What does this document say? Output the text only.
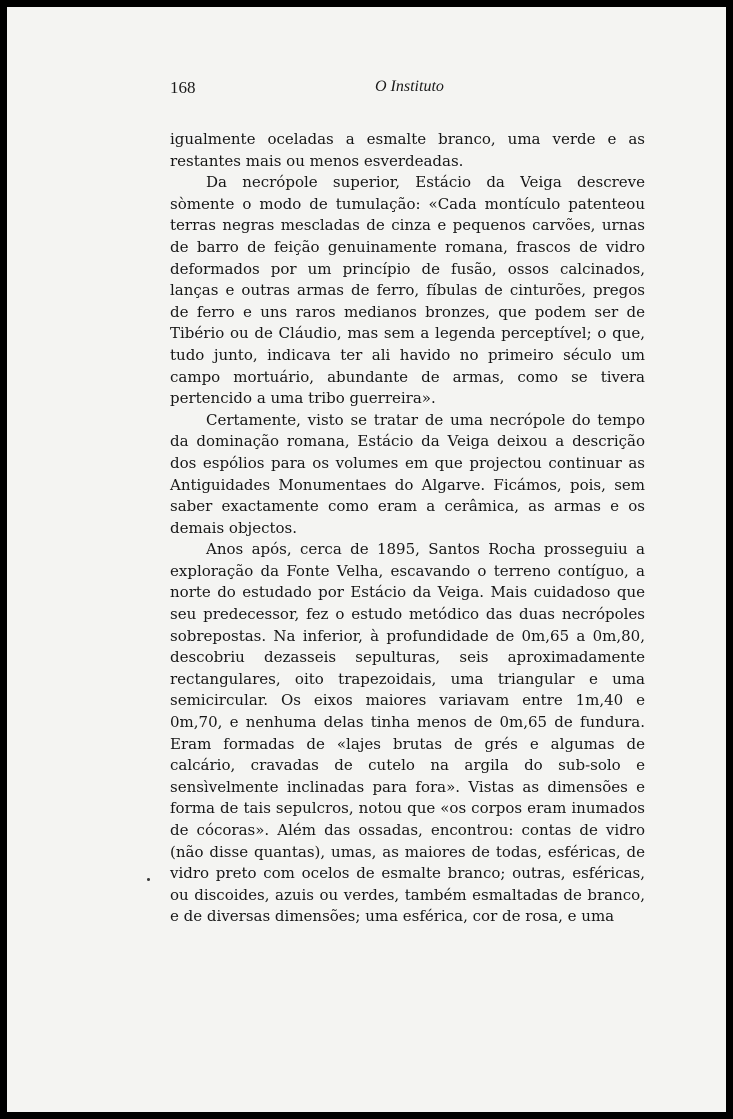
168	O Instituto

igualmente oceladas a esmalte branco, uma verde e as restantes mais ou menos esverdeadas.

Da necrópole superior, Estácio da Veiga descreve sòmente o modo de tumulação: «Cada montículo patenteou terras negras mescladas de cinza e pequenos carvões, urnas de barro de feição genuinamente romana, frascos de vidro deformados por um princípio de fusão, ossos calcinados, lanças e outras armas de ferro, fíbulas de cinturões, pregos de ferro e uns raros medianos bronzes, que podem ser de Tibério ou de Cláudio, mas sem a legenda perceptível; o que, tudo junto, indicava ter ali havido no primeiro século um campo mortuário, abundante de armas, como se tivera pertencido a uma tribo guerreira».

Certamente, visto se tratar de uma necrópole do tempo da dominação romana, Estácio da Veiga deixou a descrição dos espólios para os volumes em que projectou continuar as Antiguidades Monumentaes do Algarve. Ficámos, pois, sem saber exactamente como eram a cerâmica, as armas e os demais objectos.

Anos após, cerca de 1895, Santos Rocha prosseguiu a exploração da Fonte Velha, escavando o terreno contíguo, a norte do estudado por Estácio da Veiga. Mais cuidadoso que seu predecessor, fez o estudo metódico das duas necrópoles sobrepostas. Na inferior, à profundidade de 0m,65 a 0m,80, descobriu dezasseis sepulturas, seis aproximadamente rectangulares, oito trapezoidais, uma triangular e uma semicircular. Os eixos maiores variavam entre 1m,40 e 0m,70, e nenhuma delas tinha menos de 0m,65 de fundura. Eram formadas de «lajes brutas de grés e algumas de calcário, cravadas de cutelo na argila do sub-solo e sensìvelmente inclinadas para fora». Vistas as dimensões e forma de tais sepulcros, notou que «os corpos eram inumados de cócoras». Além das ossadas, encontrou: contas de vidro (não disse quantas), umas, as maiores de todas, esféricas, de vidro preto com ocelos de esmalte branco; outras, esféricas, ou discoides, azuis ou verdes, também esmaltadas de branco, e de diversas dimensões; uma esférica, cor de rosa, e uma
